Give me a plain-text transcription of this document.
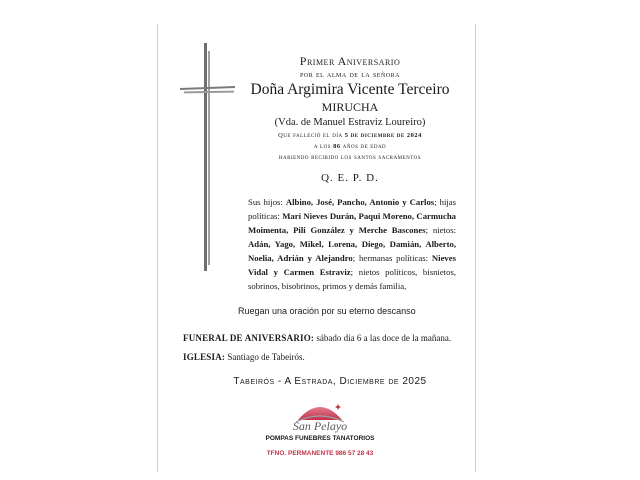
Primer Aniversario
por el alma de la señora
Doña Argimira Vicente Terceiro
MIRUCHA
(Vda. de Manuel Estraviz Loureiro)
Que falleció el día 5 de diciembre de 2024
a los 86 años de edad
habiendo recibido los santos sacramentos
Q. E. P. D.
Sus hijos: Albino, José, Pancho, Antonio y Carlos; hijas políticas: Mari Nieves Durán, Paqui Moreno, Carmucha Moimenta, Pili González y Merche Bascones; nietos: Adán, Yago, Mikel, Lorena, Diego, Damián, Alberto, Noelia, Adrián y Alejandro; hermanas políticas: Nieves Vidal y Carmen Estraviz; nietos políticos, bisnietos, sobrinos, bisobrinos, primos y demás familia,
Ruegan una oración por su eterno descanso
FUNERAL DE ANIVERSARIO: sábado día 6 a las doce de la mañana.
IGLESIA: Santiago de Tabeirós.
Tabeirós - A Estrada, Diciembre de 2025
San Pelayo
POMPAS FUNEBRES TANATORIOS
TFNO. PERMANENTE 986 57 28 43
